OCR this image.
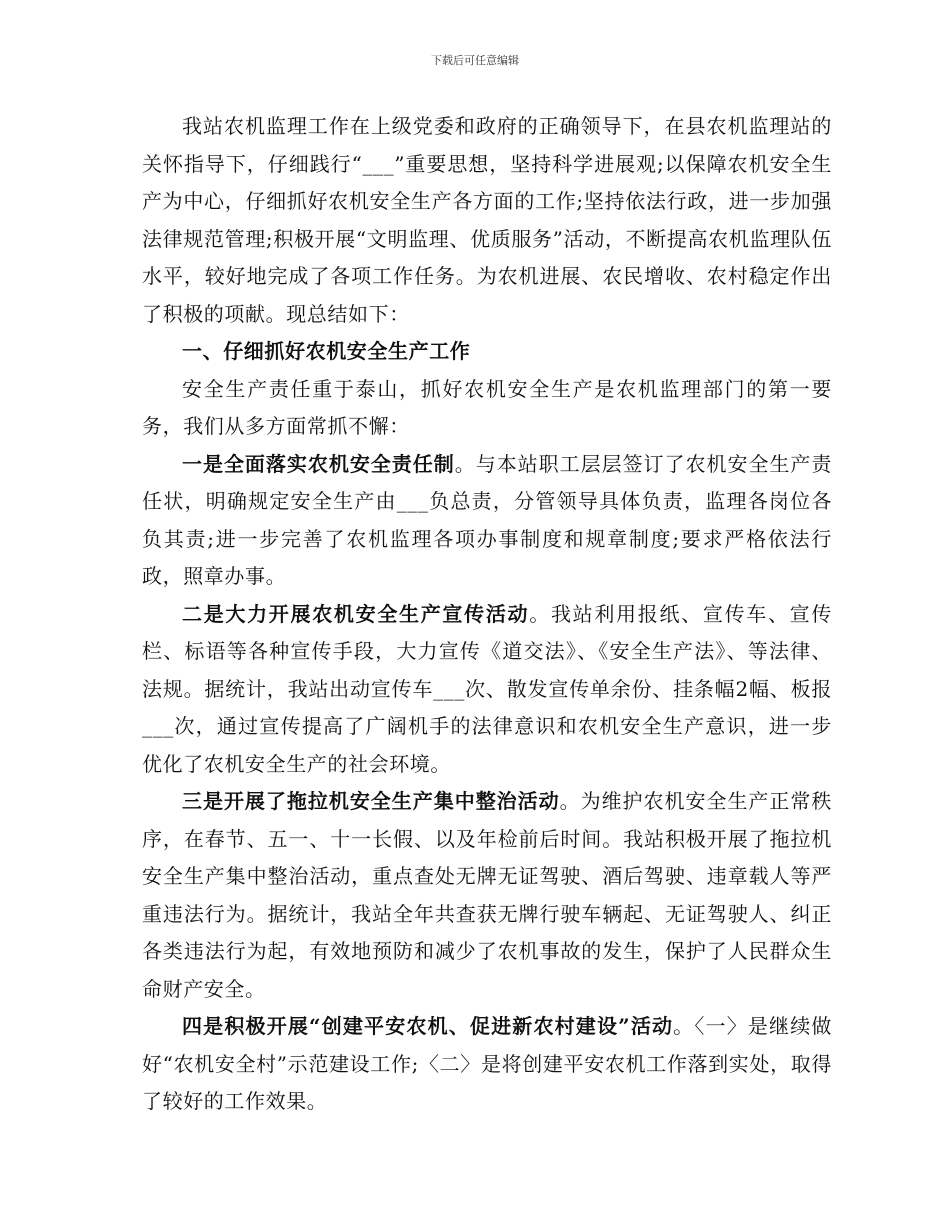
下载后可任意编辑

我站农机监理工作在上级党委和政府的正确领导下，在县农机监理站的关怀指导下，仔细践行“___”重要思想，坚持科学进展观;以保障农机安全生产为中心，仔细抓好农机安全生产各方面的工作;坚持依法行政，进一步加强法律规范管理;积极开展“文明监理、优质服务”活动，不断提高农机监理队伍水平，较好地完成了各项工作任务。为农机进展、农民增收、农村稳定作出了积极的项献。现总结如下：

一、仔细抓好农机安全生产工作

安全生产责任重于泰山，抓好农机安全生产是农机监理部门的第一要务，我们从多方面常抓不懈：

一是全面落实农机安全责任制。与本站职工层层签订了农机安全生产责任状，明确规定安全生产由___负总责，分管领导具体负责，监理各岗位各负其责;进一步完善了农机监理各项办事制度和规章制度;要求严格依法行政，照章办事。

二是大力开展农机安全生产宣传活动。我站利用报纸、宣传车、宣传栏、标语等各种宣传手段，大力宣传《道交法》、《安全生产法》、等法律、法规。据统计，我站出动宣传车___次、散发宣传单余份、挂条幅2幅、板报___次，通过宣传提高了广阔机手的法律意识和农机安全生产意识，进一步优化了农机安全生产的社会环境。

三是开展了拖拉机安全生产集中整治活动。为维护农机安全生产正常秩序，在春节、五一、十一长假、以及年检前后时间。我站积极开展了拖拉机安全生产集中整治活动，重点查处无牌无证驾驶、酒后驾驶、违章载人等严重违法行为。据统计，我站全年共查获无牌行驶车辆起、无证驾驶人、纠正各类违法行为起，有效地预防和减少了农机事故的发生，保护了人民群众生命财产安全。

四是积极开展“创建平安农机、促进新农村建设”活动。〈一〉是继续做好“农机安全村”示范建设工作;〈二〉是将创建平安农机工作落到实处，取得了较好的工作效果。
